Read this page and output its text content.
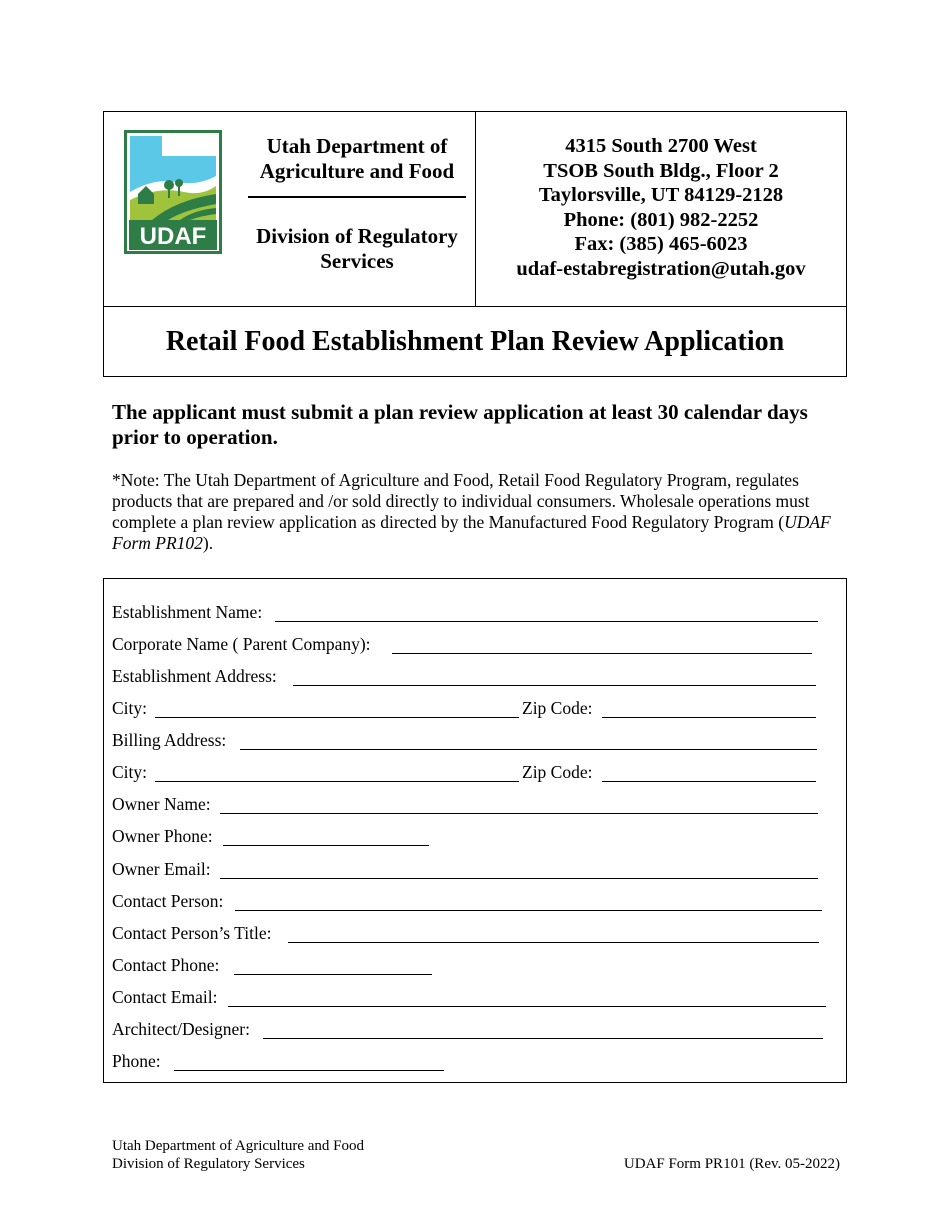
UDAF
Utah Department of
Agriculture and Food
Division of Regulatory
Services
4315 South 2700 West
TSOB South Bldg., Floor 2
Taylorsville, UT 84129-2128
Phone: (801) 982-2252
Fax: (385) 465-6023
udaf-estabregistration@utah.gov
Retail Food Establishment Plan Review Application
The applicant must submit a plan review application at least 30 calendar days prior to operation.
*Note: The Utah Department of Agriculture and Food, Retail Food Regulatory Program, regulates products that are prepared and /or sold directly to individual consumers. Wholesale operations must complete a plan review application as directed by the Manufactured Food Regulatory Program (UDAF Form PR102).
Establishment Name:
Corporate Name ( Parent Company):
Establishment Address:
City:	Zip Code:
Billing Address:
City:	Zip Code:
Owner Name:
Owner Phone:
Owner Email:
Contact Person:
Contact Person’s Title:
Contact Phone:
Contact Email:
Architect/Designer:
Phone:
Utah Department of Agriculture and Food
Division of Regulatory Services	UDAF Form PR101 (Rev. 05-2022)
